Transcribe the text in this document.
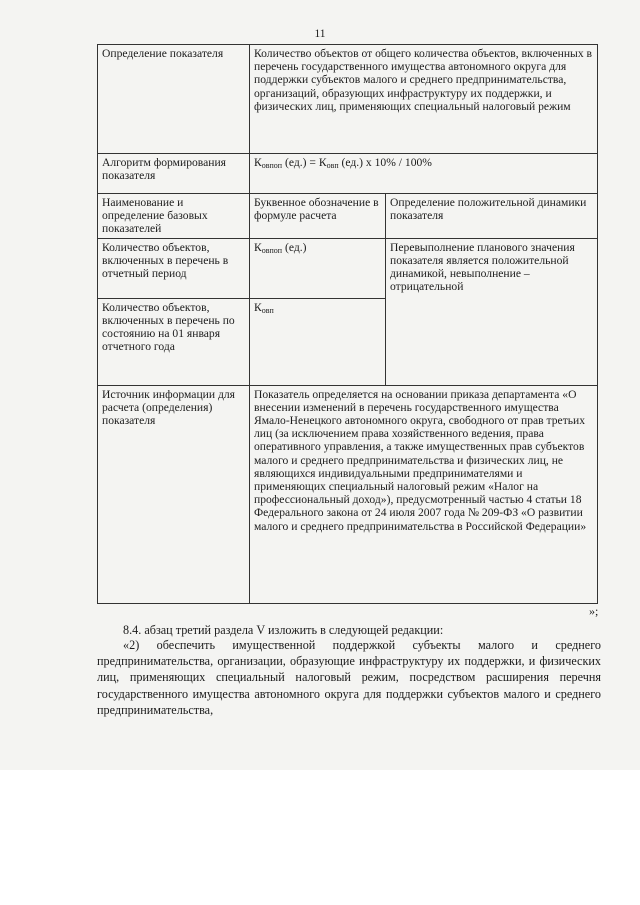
11
Определение показателя	Количество объектов от общего количества объектов, включенных в перечень государственного имущества автономного округа для поддержки субъектов малого и среднего предпринимательства, организаций, образующих инфраструктуру их поддержки, и физических лиц, применяющих специальный налоговый режим	
Алгоритм формирования показателя	$К_{овпоп}$ $(ед.) = К_{овп}$ (ед.) х 10% / 100%	
Наименование и определение базовых показателей	Буквенное обозначение в формуле расчета	Определение положительной динамики показателя
Количество объектов, включенных в перечень в отчетный период	$К_{овпоп}$ (ед.)	Перевыполнение планового значения показателя является положительной динамикой, невыполнение – отрицательной
Количество объектов, включенных в перечень по состоянию на 01 января отчетного года	$К_{овп}$
Источник информации для расчета (определения) показателя	Показатель определяется на основании приказа департамента «О внесении изменений в перечень государственного имущества Ямало-Ненецкого автономного округа, свободного от прав третьих лиц (за исключением права хозяйственного ведения, права оперативного управления, а также имущественных прав субъектов малого и среднего предпринимательства и физических лиц, не являющихся индивидуальными предпринимателями и применяющих специальный налоговый режим «Налог на профессиональный доход»), предусмотренный частью 4 статьи 18 Федерального закона от 24 июля 2007 года № 209-ФЗ «О развитии малого и среднего предпринимательства в Российской Федерации»	
»;
8.4. абзац третий раздела V изложить в следующей редакции:
«2) обеспечить имущественной поддержкой субъекты малого и среднего предпринимательства, организации, образующие инфраструктуру их поддержки, и физических лиц, применяющих специальный налоговый режим, посредством расширения перечня государственного имущества автономного округа для поддержки субъектов малого и среднего предпринимательства,
